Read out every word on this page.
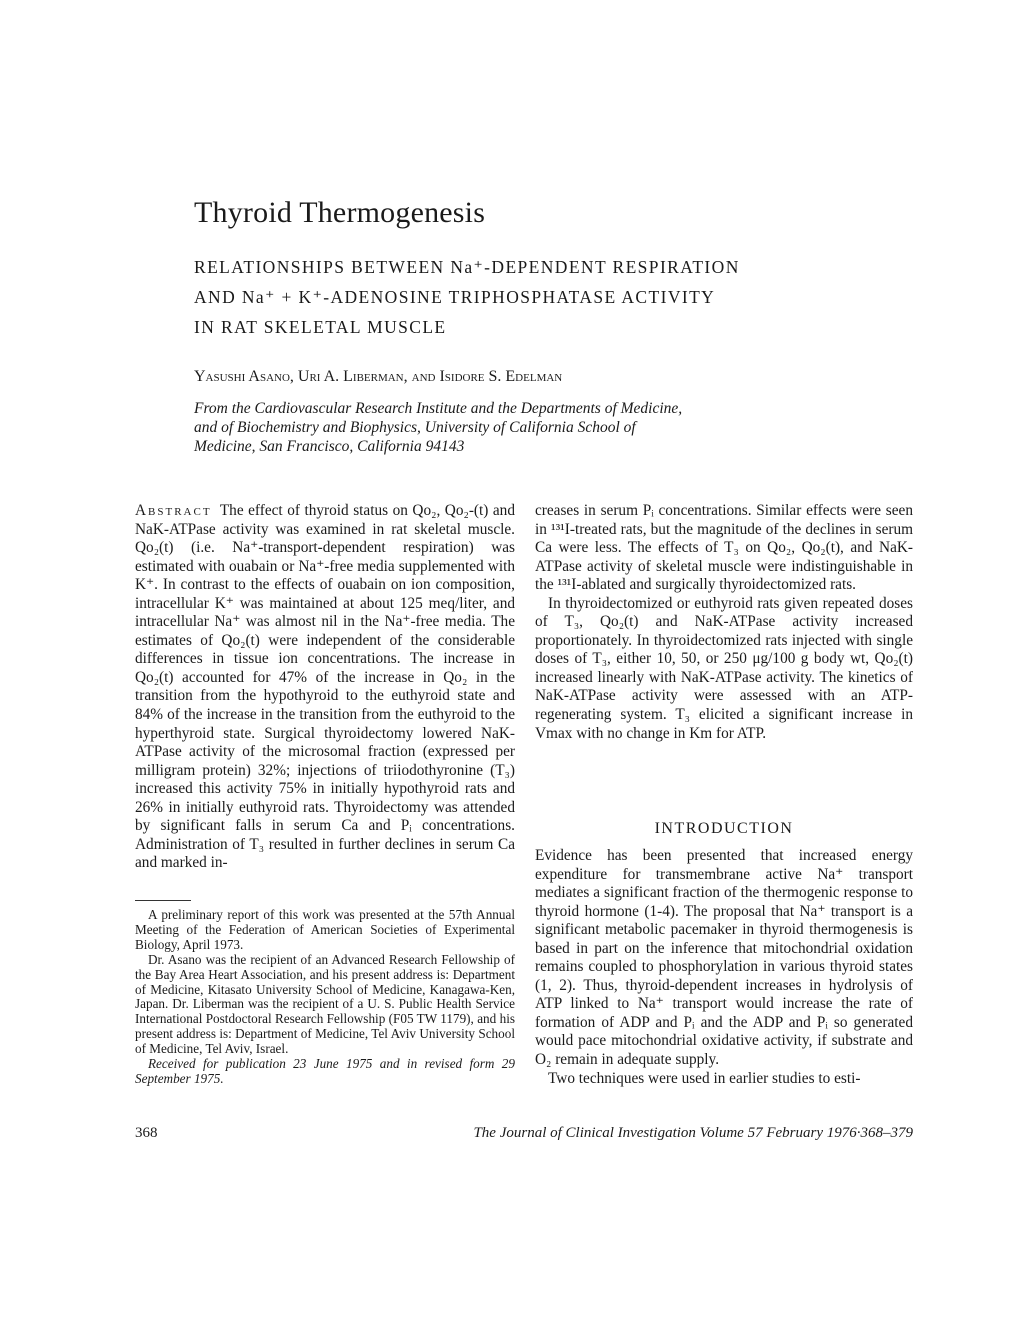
Thyroid Thermogenesis
RELATIONSHIPS BETWEEN Na⁺-DEPENDENT RESPIRATION
AND Na⁺ + K⁺-ADENOSINE TRIPHOSPHATASE ACTIVITY
IN RAT SKELETAL MUSCLE
Yasushi Asano, Uri A. Liberman, and Isidore S. Edelman
From the Cardiovascular Research Institute and the Departments of Medicine,
and of Biochemistry and Biophysics, University of California School of
Medicine, San Francisco, California 94143

Abstract The effect of thyroid status on Qo₂, Qo₂-(t) and NaK-ATPase activity was examined in rat skeletal muscle. Qo₂(t) (i.e. Na⁺-transport-dependent respiration) was estimated with ouabain or Na⁺-free media supplemented with K⁺. In contrast to the effects of ouabain on ion composition, intracellular K⁺ was maintained at about 125 meq/liter, and intracellular Na⁺ was almost nil in the Na⁺-free media. The estimates of Qo₂(t) were independent of the considerable differences in tissue ion concentrations. The increase in Qo₂(t) accounted for 47% of the increase in Qo₂ in the transition from the hypothyroid to the euthyroid state and 84% of the increase in the transition from the euthyroid to the hyperthyroid state. Surgical thyroidectomy lowered NaK-ATPase activity of the microsomal fraction (expressed per milligram protein) 32%; injections of triiodothyronine (T₃) increased this activity 75% in initially hypothyroid rats and 26% in initially euthyroid rats. Thyroidectomy was attended by significant falls in serum Ca and Pᵢ concentrations. Administration of T₃ resulted in further declines in serum Ca and marked in-

A preliminary report of this work was presented at the 57th Annual Meeting of the Federation of American Societies of Experimental Biology, April 1973.

Dr. Asano was the recipient of an Advanced Research Fellowship of the Bay Area Heart Association, and his present address is: Department of Medicine, Kitasato University School of Medicine, Kanagawa-Ken, Japan. Dr. Liberman was the recipient of a U. S. Public Health Service International Postdoctoral Research Fellowship (F05 TW 1179), and his present address is: Department of Medicine, Tel Aviv University School of Medicine, Tel Aviv, Israel.

Received for publication 23 June 1975 and in revised form 29 September 1975.

creases in serum Pᵢ concentrations. Similar effects were seen in ¹³¹I-treated rats, but the magnitude of the declines in serum Ca were less. The effects of T₃ on Qo₂, Qo₂(t), and NaK-ATPase activity of skeletal muscle were indistinguishable in the ¹³¹I-ablated and surgically thyroidectomized rats.

In thyroidectomized or euthyroid rats given repeated doses of T₃, Qo₂(t) and NaK-ATPase activity increased proportionately. In thyroidectomized rats injected with single doses of T₃, either 10, 50, or 250 μg/100 g body wt, Qo₂(t) increased linearly with NaK-ATPase activity. The kinetics of NaK-ATPase activity were assessed with an ATP-regenerating system. T₃ elicited a significant increase in Vmax with no change in Km for ATP.

INTRODUCTION

Evidence has been presented that increased energy expenditure for transmembrane active Na⁺ transport mediates a significant fraction of the thermogenic response to thyroid hormone (1-4). The proposal that Na⁺ transport is a significant metabolic pacemaker in thyroid thermogenesis is based in part on the inference that mitochondrial oxidation remains coupled to phosphorylation in various thyroid states (1, 2). Thus, thyroid-dependent increases in hydrolysis of ATP linked to Na⁺ transport would increase the rate of formation of ADP and Pᵢ and the ADP and Pᵢ so generated would pace mitochondrial oxidative activity, if substrate and O₂ remain in adequate supply.

Two techniques were used in earlier studies to esti-

368	The Journal of Clinical Investigation Volume 57 February 1976·368–379
